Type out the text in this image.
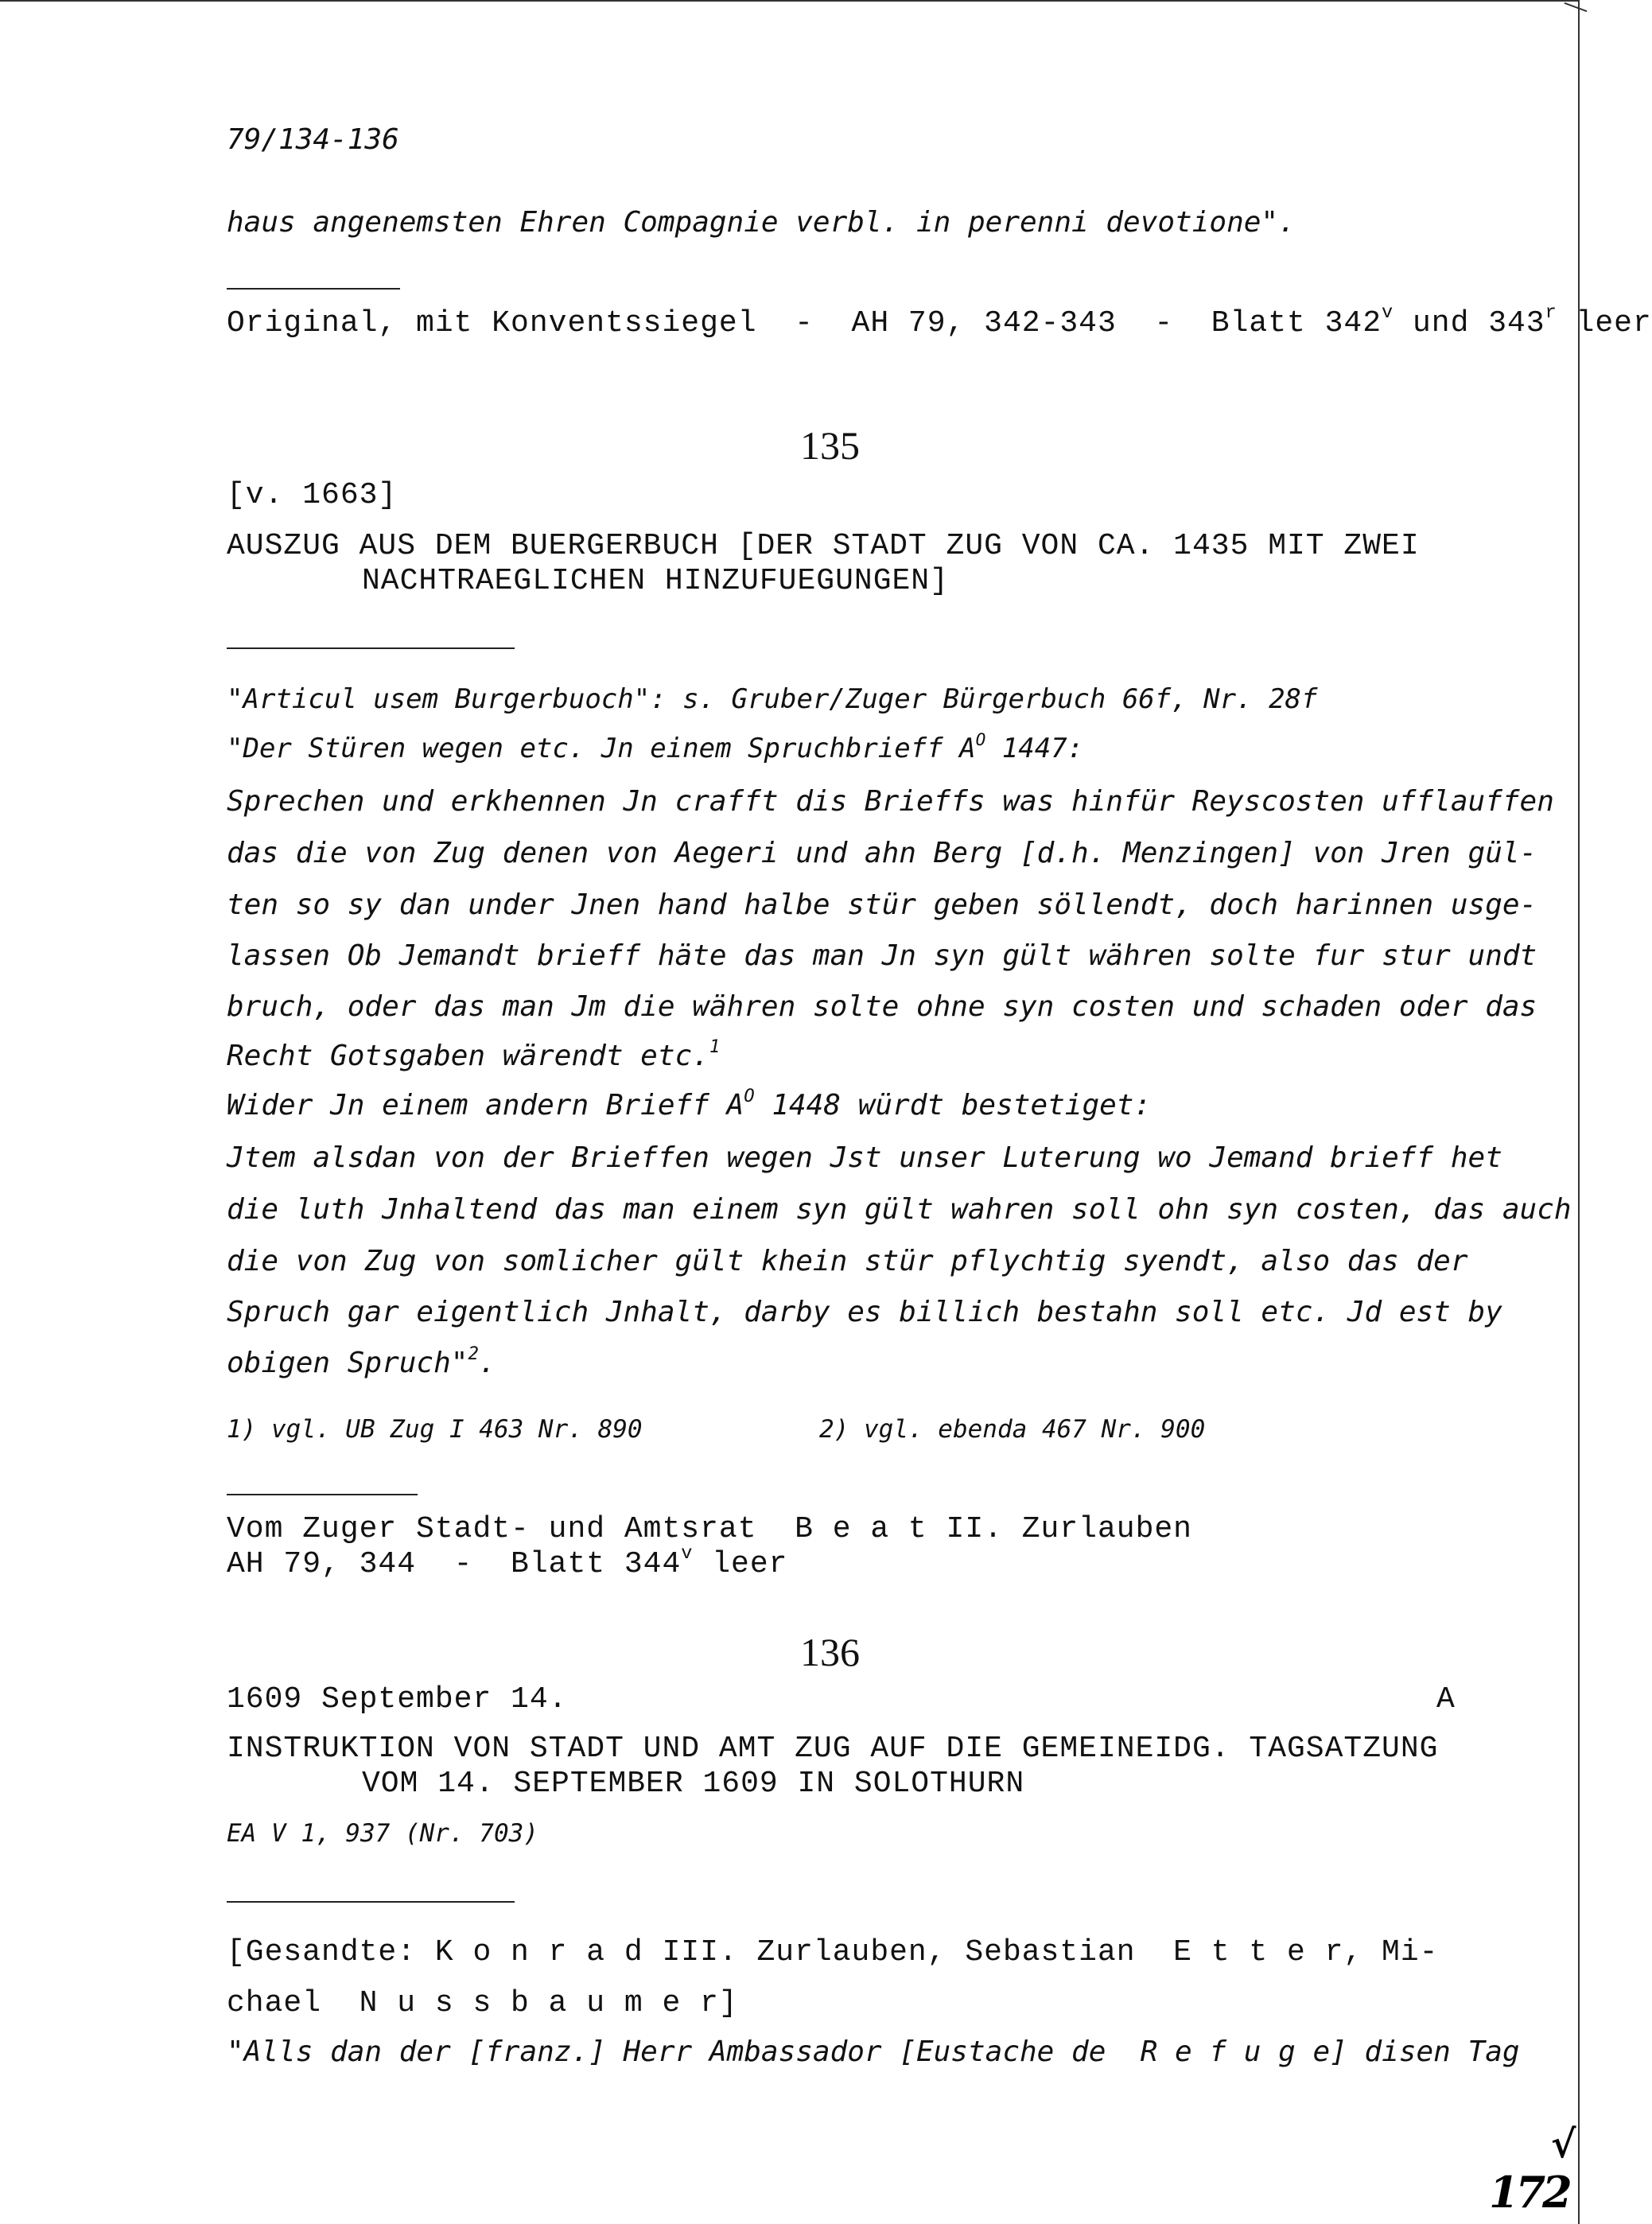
79/134-136
haus angenemsten Ehren Compagnie verbl. in perenni devotione".
Original, mit Konventssiegel  -  AH 79, 342-343  -  Blatt 342$^v$ und 343$^r$ leer
135
[v. 1663]
AUSZUG AUS DEM BUERGERBUCH [DER STADT ZUG VON CA. 1435 MIT ZWEI
NACHTRAEGLICHEN HINZUFUEGUNGEN]
"Articul usem Burgerbuoch": s. Gruber/Zuger Bürgerbuch 66f, Nr. 28f
"Der Stüren wegen etc. Jn einem Spruchbrieff $A^O$ 1447:
Sprechen und erkhennen Jn crafft dis Brieffs was hinfür Reyscosten ufflauffen
das die von Zug denen von Aegeri und ahn Berg [d.h. Menzingen] von Jren gül-
ten so sy dan under Jnen hand halbe stür geben söllendt, doch harinnen usge-
lassen Ob Jemandt brieff häte das man Jn syn gült währen solte fur stur undt
bruch, oder das man Jm die währen solte ohne syn costen und schaden oder das
Recht Gotsgaben wärendt etc.$^1$
Wider Jn einem andern Brieff $A^O$ 1448 würdt bestetiget:
Jtem alsdan von der Brieffen wegen Jst unser Luterung wo Jemand brieff het
die luth Jnhaltend das man einem syn gült wahren soll ohn syn costen, das auch
die von Zug von somlicher gült khein stür pflychtig syendt, also das der
Spruch gar eigentlich Jnhalt, darby es billich bestahn soll etc. Jd est by
obigen Spruch"$^2$.
1) vgl. UB Zug I 463 Nr. 890	2) vgl. ebenda 467 Nr. 900
Vom Zuger Stadt- und Amtsrat  B e a t II. Zurlauben
AH 79, 344  -  Blatt 344$^v$ leer
136
1609 September 14.	A
INSTRUKTION VON STADT UND AMT ZUG AUF DIE GEMEINEIDG. TAGSATZUNG
VOM 14. SEPTEMBER 1609 IN SOLOTHURN
EA V 1, 937 (Nr. 703)
[Gesandte: K o n r a d III. Zurlauben, Sebastian  E t t e r, Mi-
chael  N u s s b a u m e r]
"Alls dan der [franz.] Herr Ambassador [Eustache de  R e f u g e] disen Tag
√
172
